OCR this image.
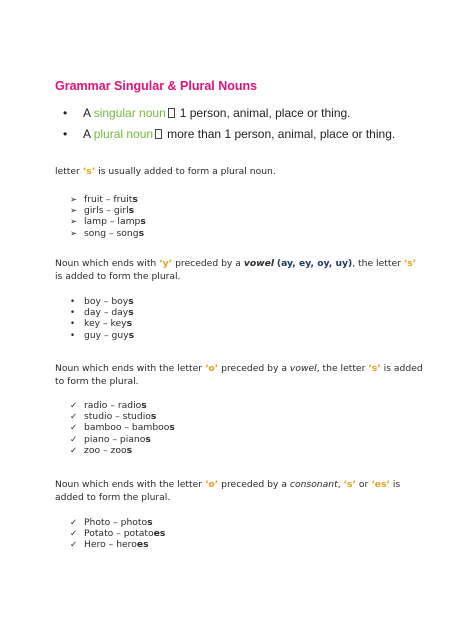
Grammar Singular & Plural Nouns
• A singular noun 1 person, animal, place or thing.
• A plural noun more than 1 person, animal, place or thing.

letter ‘s’ is usually added to form a plural noun.

➢ fruit – fruits
➢ girls – girls
➢ lamp – lamps
➢ song – songs

Noun which ends with ‘y’ preceded by a vowel (ay, ey, oy, uy), the letter ‘s’ is added to form the plural.

• boy – boys
• day – days
• key – keys
• guy – guys

Noun which ends with the letter ‘o’ preceded by a vowel, the letter ‘s’ is added to form the plural.

✓ radio – radios
✓ studio – studios
✓ bamboo – bamboos
✓ piano – pianos
✓ zoo – zoos

Noun which ends with the letter ‘o’ preceded by a consonant, ‘s’ or ‘es’ is added to form the plural.

✓ Photo – photos
✓ Potato – potatoes
✓ Hero – heroes
